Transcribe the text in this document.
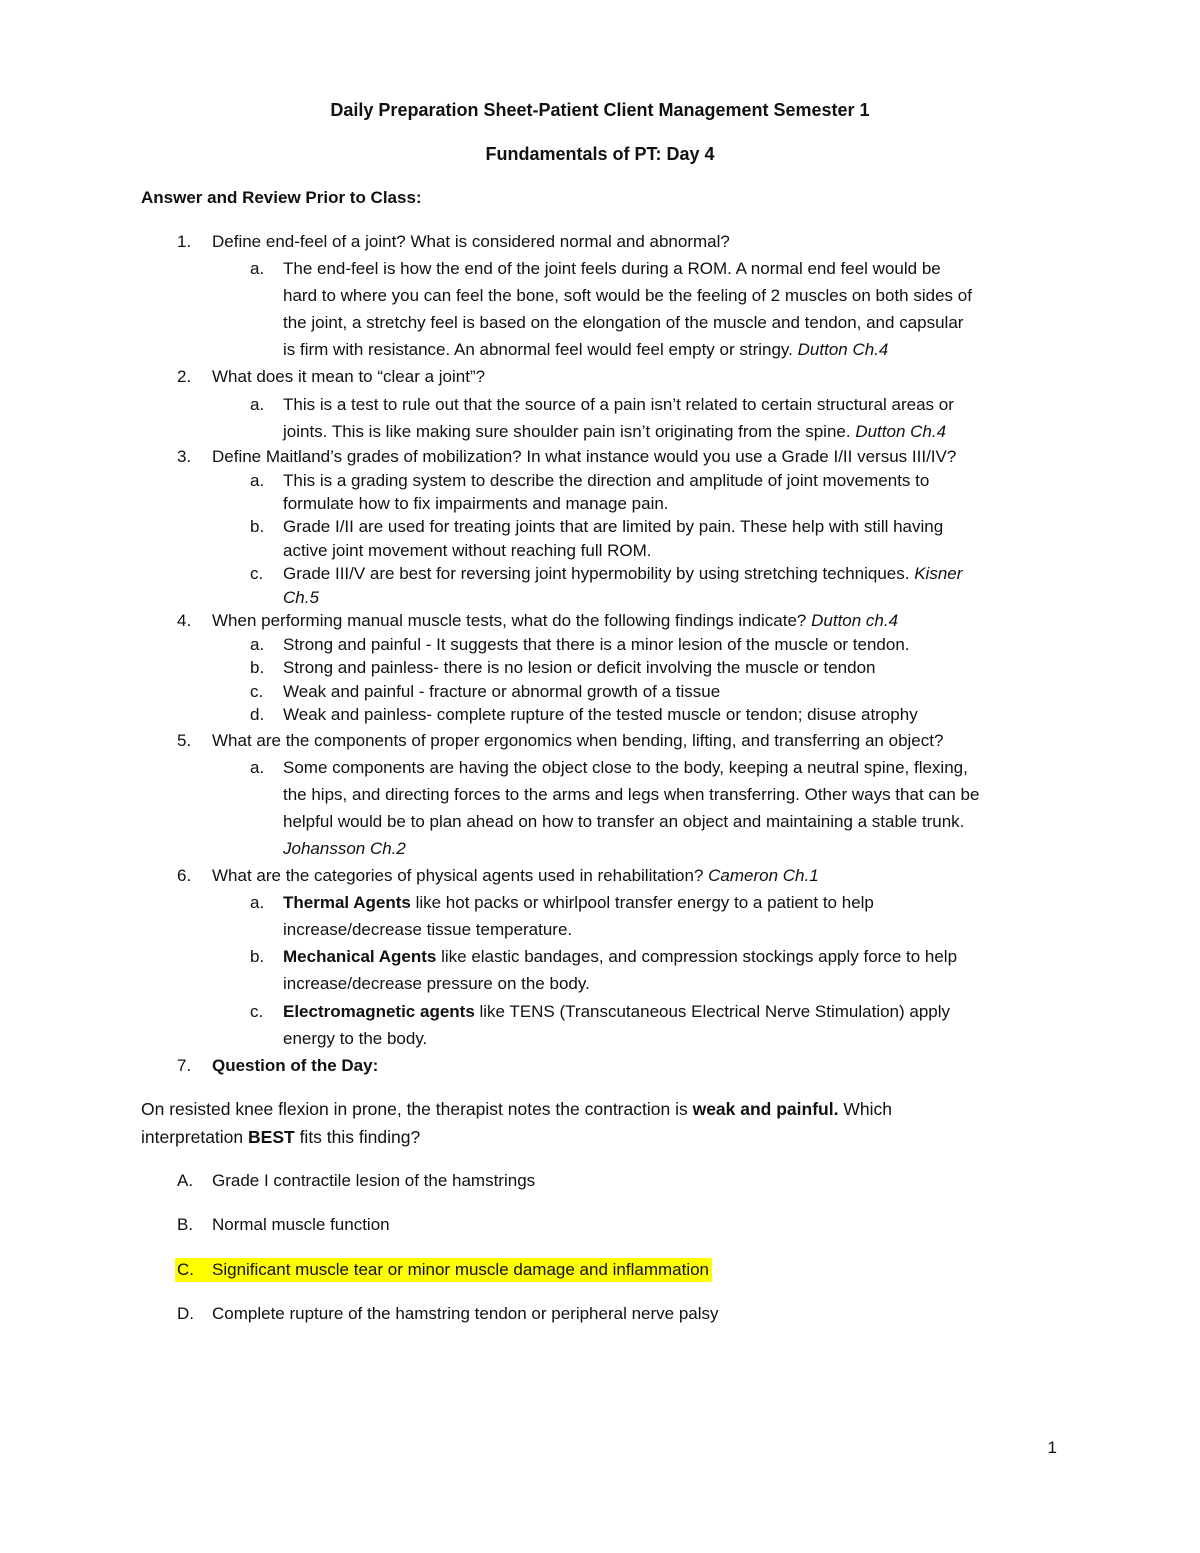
Daily Preparation Sheet-Patient Client Management Semester 1
Fundamentals of PT: Day 4
Answer and Review Prior to Class:
1. Define end-feel of a joint? What is considered normal and abnormal?
a. The end-feel is how the end of the joint feels during a ROM. A normal end feel would be
hard to where you can feel the bone, soft would be the feeling of 2 muscles on both sides of
the joint, a stretchy feel is based on the elongation of the muscle and tendon, and capsular
is firm with resistance. An abnormal feel would feel empty or stringy. Dutton Ch.4
2. What does it mean to “clear a joint”?
a. This is a test to rule out that the source of a pain isn’t related to certain structural areas or
joints. This is like making sure shoulder pain isn’t originating from the spine. Dutton Ch.4
3. Define Maitland’s grades of mobilization? In what instance would you use a Grade I/II versus III/IV?
a. This is a grading system to describe the direction and amplitude of joint movements to
formulate how to fix impairments and manage pain.
b. Grade I/II are used for treating joints that are limited by pain. These help with still having
active joint movement without reaching full ROM.
c. Grade III/V are best for reversing joint hypermobility by using stretching techniques. Kisner
Ch.5
4. When performing manual muscle tests, what do the following findings indicate? Dutton ch.4
a. Strong and painful - It suggests that there is a minor lesion of the muscle or tendon.
b. Strong and painless- there is no lesion or deficit involving the muscle or tendon
c. Weak and painful - fracture or abnormal growth of a tissue
d. Weak and painless- complete rupture of the tested muscle or tendon; disuse atrophy
5. What are the components of proper ergonomics when bending, lifting, and transferring an object?
a. Some components are having the object close to the body, keeping a neutral spine, flexing,
the hips, and directing forces to the arms and legs when transferring. Other ways that can be
helpful would be to plan ahead on how to transfer an object and maintaining a stable trunk.
Johansson Ch.2
6. What are the categories of physical agents used in rehabilitation? Cameron Ch.1
a. Thermal Agents like hot packs or whirlpool transfer energy to a patient to help
increase/decrease tissue temperature.
b. Mechanical Agents like elastic bandages, and compression stockings apply force to help
increase/decrease pressure on the body.
c. Electromagnetic agents like TENS (Transcutaneous Electrical Nerve Stimulation) apply
energy to the body.
7. Question of the Day:
On resisted knee flexion in prone, the therapist notes the contraction is weak and painful. Which
interpretation BEST fits this finding?
A. Grade I contractile lesion of the hamstrings
B. Normal muscle function
C. Significant muscle tear or minor muscle damage and inflammation
D. Complete rupture of the hamstring tendon or peripheral nerve palsy
1
